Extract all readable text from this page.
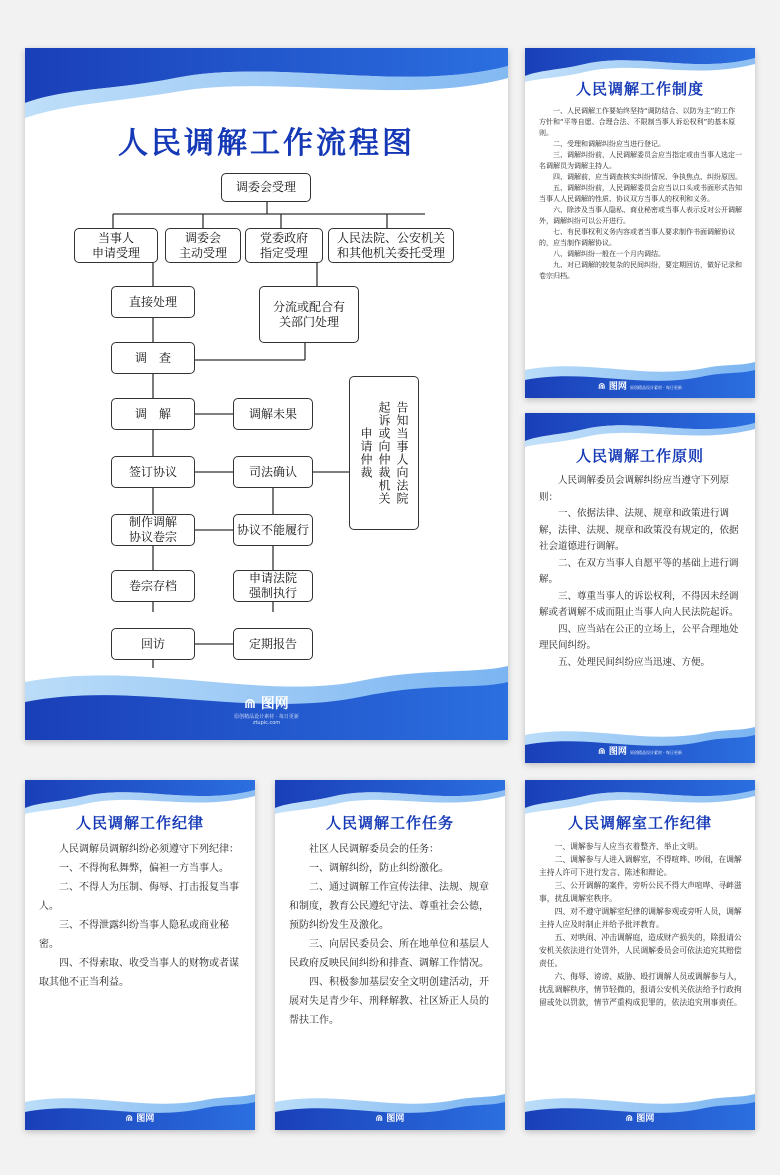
人民调解工作流程图
调委会受理
当事人
申请受理
调委会
主动受理
党委政府
指定受理
人民法院、公安机关
和其他机关委托受理
直接处理	分流或配合有
关部门处理
调　查
调　解	调解未果
签订协议	司法确认
制作调解
协议卷宗
协议不能履行
卷宗存档
申请法院
强制执行
回访	定期报告
告知当事人向法院
起诉或向仲裁机关
申请仲裁
⋒ 图网
原创精品设计素材 · 每日更新
ztupic.com
人民调解工作制度

一、人民调解工作要始终坚持“调防结合、以防为主”的工作方针和“平等自愿、合理合法、不限制当事人诉讼权利”的基本原则。

二、受理和调解纠纷应当进行登记。

三、调解纠纷前，人民调解委员会应当指定或由当事人选定一名调解员为调解主持人。

四、调解前，应当调查核实纠纷情况、争执焦点、纠纷原因。

五、调解纠纷前，人民调解委员会应当以口头或书面形式告知当事人人民调解的性质、协议双方当事人的权利和义务。

六、除涉及当事人隐私、商业秘密或当事人表示反对公开调解外，调解纠纷可以公开进行。

七、有民事权利义务内容或者当事人要求制作书面调解协议的，应当制作调解协议。

八、调解纠纷一般在一个月内调结。

九、对已调解的较复杂的民间纠纷，要定期回访，做好记录和卷宗归档。

⋒ 图网 原创精品设计素材 · 每日更新
人民调解工作原则

人民调解委员会调解纠纷应当遵守下列原则：

一、依据法律、法规、规章和政策进行调解，法律、法规、规章和政策没有规定的，依据社会道德进行调解。

二、在双方当事人自愿平等的基础上进行调解。

三、尊重当事人的诉讼权利，不得因未经调解或者调解不成而阻止当事人向人民法院起诉。

四、应当站在公正的立场上，公平合理地处理民间纠纷。

五、处理民间纠纷应当迅速、方便。

⋒ 图网 原创精品设计素材 · 每日更新
人民调解工作纪律

人民调解员调解纠纷必须遵守下列纪律：

一、不得徇私舞弊，偏袒一方当事人。

二、不得人为压制、侮辱、打击报复当事人。

三、不得泄露纠纷当事人隐私或商业秘密。

四、不得索取、收受当事人的财物或者谋取其他不正当利益。

⋒ 图网
人民调解工作任务

社区人民调解委员会的任务：

一、调解纠纷，防止纠纷激化。

二、通过调解工作宣传法律、法规、规章和制度，教育公民遵纪守法、尊重社会公德，预防纠纷发生及激化。

三、向居民委员会、所在地单位和基层人民政府反映民间纠纷和排查、调解工作情况。

四、积极参加基层安全文明创建活动，开展对失足青少年、刑释解教、社区矫正人员的帮扶工作。

⋒ 图网
人民调解室工作纪律

一、调解参与人应当衣着整齐、举止文明。

二、调解参与人进入调解室，不得喧哗、吵闹，在调解主持人许可下进行发言、陈述和辩论。

三、公开调解的案件，旁听公民不得大声喧哗、寻衅滋事，扰乱调解室秩序。

四、对不遵守调解室纪律的调解参观或旁听人员，调解主持人应及时制止并给予批评教育。

五、对哄闹、冲击调解庭，造成财产损失的，除报请公安机关依法进行处罚外，人民调解委员会可依法追究其赔偿责任。

六、侮辱、谤谤、威胁、殴打调解人员或调解参与人，扰乱调解秩序，情节轻微的，报请公安机关依法给予行政拘留或处以罚款，情节严重构成犯罪的，依法追究刑事责任。

⋒ 图网
